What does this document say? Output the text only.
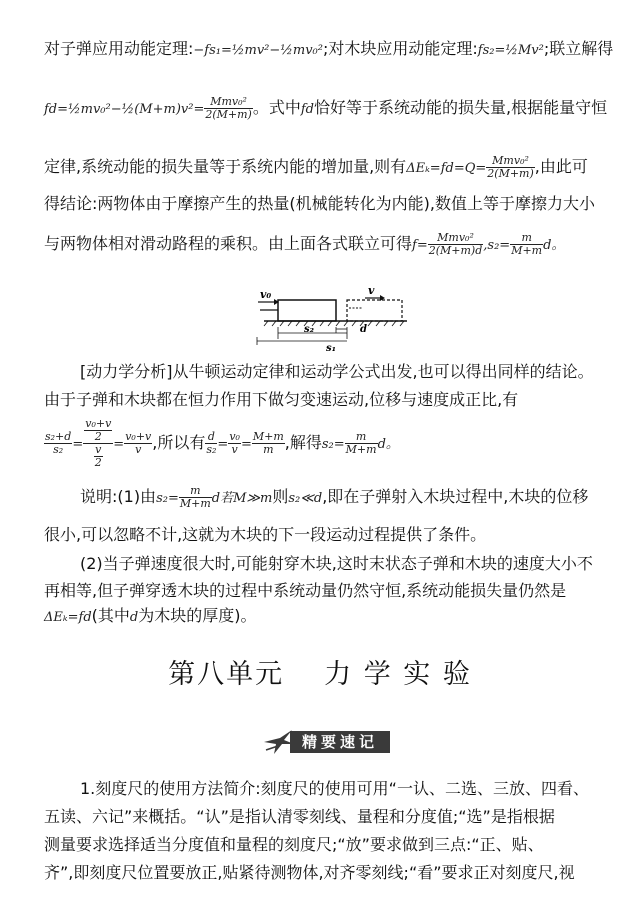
对子弹应用动能定理:−fs₁=½mv²−½mv₀²;对木块应用动能定理:fs₂=½Mv²;联立解得
fd=½mv₀²−½(M+m)v²= $\frac{\text{Mmv₀²}}{2(M+m)}$ 。式中fd恰好等于系统动能的损失量,根据能量守恒
定律,系统动能的损失量等于系统内能的增加量,则有$\Delta E_k=fd=Q= \frac{\text{Mmv₀²}}{2(M+m)}$ ,由此可
得结论:两物体由于摩擦产生的热量(机械能转化为内能),数值上等于摩擦力大小
与两物体相对滑动路程的乘积。由上面各式联立可得$f= \frac{\text{Mmv₀²}}{2(M+m)d} ,s_2= \frac{m}{M+m}$ d。
v₀	v
s₂	d
s₁
[动力学分析]从牛顿运动定律和运动学公式出发,也可以得出同样的结论。
由于子弹和木块都在恒力作用下做匀变速运动,位移与速度成正比,有
$\frac{\text{s₂+d}}{\text{s₂}} = \frac{\frac{\text{v₀+v}}{2}}{\frac{v}{2}} = \frac{\text{v₀+v}}{v}$ ,所以有 $\frac{d}{\text{s₂}} = \frac{\text{v₀}}{v} = \frac{M+m}{m}$ ,解得$s_2= \frac{m}{M+m}$ d。
说明:(1)由$s_2= \frac{m}{M+m}$ d若M≫m则s₂≪d,即在子弹射入木块过程中,木块的位移
很小,可以忽略不计,这就为木块的下一段运动过程提供了条件。
(2)当子弹速度很大时,可能射穿木块,这时末状态子弹和木块的速度大小不
再相等,但子弹穿透木块的过程中系统动量仍然守恒,系统动能损失量仍然是
ΔEₖ=fd(其中d为木块的厚度)。
第八单元 力 学 实 验
精要速记
1.刻度尺的使用方法简介:刻度尺的使用可用“一认、二选、三放、四看、
五读、六记”来概括。“认”是指认清零刻线、量程和分度值;“选”是指根据
测量要求选择适当分度值和量程的刻度尺;“放”要求做到三点:“正、贴、
齐”,即刻度尺位置要放正,贴紧待测物体,对齐零刻线;“看”要求正对刻度尺,视
